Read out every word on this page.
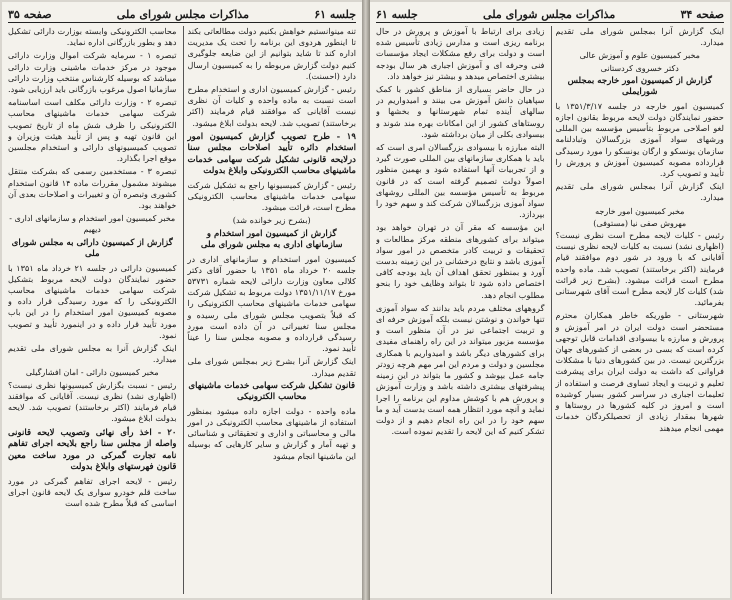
جلسه ۶۱
مذاکرات مجلس شورای ملی
صفحه ۳۵

تنه مینوانستیم خواهش بکنیم دولت مطالعاتی بکند تا اینطور هردوی این برنامه را تحت یک مدیریت اداره کند تا شاید بتوانیم از این ضایعه جلوگیری کنیم دولت گزارش مربوطه را به کمیسیون ارسال دارد (احسنت).

رئیس - گزارش کمیسیون اداری و استخدام مطرح است نسبت به ماده واحده و کلیات آن نظری نیست آقایانی که موافقند قیام فرمایند (اکثر برخاستند) تصویب شد. لایحه بدولت ابلاغ میشود.

۱۹ - طرح تصویب گزارش کمیسیون امور استخدام دائره تأیید اصلاحات مجلس سنا درلایحه قانونی تشکیل شرکت سهامی خدمات ماشینهای محاسب الکترونیکی وابلاغ بدولت

رئیس - گزارش کمیسیونها راجع به تشکیل شرکت سهامی خدمات ماشینهای محاسب الکترونیکی مطرح است، قرائت میشود.

(بشرح زیر خوانده شد)

گزارش از کمیسیون امور استخدام و سازمانهای اداری به مجلس شورای ملی

کمیسیون امور استخدام و سازمانهای اداری در جلسه ۲۰ خرداد ماه ۱۳۵۱ با حضور آقای دکتر کلالی معاون وزارت دارائی لایحه شماره ۵۳۷۳۱ مورخ ۱۳۵۱/۱۱/۱۷ دولت مربوط به تشکیل شرکت سهامی خدمات ماشینهای محاسب الکترونیکی را که قبلاً بتصویب مجلس شورای ملی رسیده و مجلس سنا تغییراتی در آن داده است مورد رسیدگی قرارداده و مصوبه مجلس سنا را عیناً تأیید نمود.

اینک گزارش آنرا بشرح زیر بمجلس شورای ملی تقدیم میدارد.

قانون تشکیل شرکت سهامی خدمات ماشینهای محاسب الکترونیکی

ماده واحده - دولت اجازه داده میشود بمنظور استفاده از ماشینهای محاسب الکترونیکی در امور مالی و محاسباتی و اداری و تحقیقاتی و شناسائی و تهیه آمار و گزارش و سایر کارهایی که بوسیله این ماشینها انجام میشود

محاسب الکترونیکی وابسته بوزارت دارائی تشکیل دهد و بطور بازرگانی اداره نماید.

تبصره ۱ - سرمایه شرکت اموال وزارت دارائی موجود در مرکز خدمات ماشینی وزارت دارائی میباشد که بوسیله کارشناس منتخب وزارت دارائی سازمانیا اصول مرغوب بازرگانی باید ارزیابی شود.

تبصره ۲ - وزارت دارائی مکلف است اساسنامه شرکت سهامی خدمات ماشینهای محاسب الکترونیکی را ظرف شش ماه از تاریخ تصویب این قانون تهیه و پس از تأیید هیئت وزیران و تصویب کمیسیونهای دارائی و استخدام مجلسین موقع اجرا بگذارد.

تبصره ۳ - مستخدمین رسمی که بشرکت منتقل میشوند مشمول مقررات ماده ۱۴ قانون استخدام کشوری وتبصره آن و تغییرات و اصلاحات بعدی آن خواهند بود.

مخبر کمیسیون امور استخدام و سازمانهای اداری - دیهیم

گزارش از کمیسیون دارائی به مجلس شورای ملی

کمیسیون دارائی در جلسه ۲۱ خرداد ماه ۱۳۵۱ با حضور نمایندگان دولت لایحه مربوط بتشکیل شرکت سهامی خدمات ماشینهای محاسب الکترونیکی را که مورد رسیدگی قرار داده و مصوبه کمیسیون امور استخدام را در این باب مورد تأیید قرار داده و در اینمورد تأیید و تصویب نمود.

اینک گزارش آنرا به مجلس شورای ملی تقدیم میدارد.

مخبر کمیسیون دارائی - امان افشارگیلی

رئیس - نسبت بگزارش کمیسیونها نظری نیست؟ (اظهاری نشد) نظری نیست. آقایانی که موافقند قیام فرمایند (اکثر برخاستند) تصویب شد. لایحه بدولت ابلاغ میشود.

۲۰ - اخذ رأی نهائی وتصویب لایحه قانونی واصله از مجلس سنا راجع بلایحه اجرای تفاهم نامه تجارت گمرکی در مورد ساخت معین قانون فهرستهای وابلاغ بدولت

رئیس - لایحه اجرای تفاهم گمرکی در مورد ساخت قلم خودرو سواری یک لایحه قانون اجرای اساسی که قبلاً مطرح شده است

صفحه ۳۴
مذاکرات مجلس شورای ملی
جلسه ۶۱

اینک گزارش آنرا بمجلس شورای ملی تقدیم میدارد.

مخبر کمیسیون علوم و آموزش عالی

دکتر خسروی کردستانی

گزارش از کمیسیون امور خارجه بمجلس شورایملی

کمیسیون امور خارجه در جلسه ۱۳۵۱/۳/۱۷ با حضور نمایندگان دولت لایحه مربوط بقانون اجازه لغو اصلاحی مربوط بتأسیس مؤسسه بین المللی ورشهای سواد آموزی بزرگسالان وتبادلنامه سازمان یونسکو و ارگان یونسکو را مورد رسیدگی قرارداده مصوبه کمیسیون آموزش و پرورش را تأیید و تصویب کرد.

اینک گزارش آنرا بمجلس شورای ملی تقدیم میدارد.

مخبر کمیسیون امور خارجه

مهروش صفی نیا (مستوفی)

رئیس - کلیات لایحه مطرح است نظری نیست؟ (اظهاری نشد) نسبت به کلیات لایحه نظری نیست آقایانی که با ورود در شور دوم موافقند قیام فرمایند (اکثر برخاستند) تصویب شد. ماده واحده مطرح است قرائت میشود. (بشرح زیر قرائت شد) کلیات کار لایحه مطرح است آقای شهرستانی بفرمائید.

شهرستانی - طوریکه خاطر همکاران محترم مستحضر است دولت ایران در امر آموزش و پرورش و مبارزه با بیسوادی اقدامات قابل توجهی کرده است که بسی در بعضی از کشورهای جهان بزرگترین نیست. در بین کشورهای دنیا با مشکلات فراوانی که داشت به دولت ایران برای پیشرفت تعلیم و تربیت و ایجاد تساوی فرصت و استفاده از تعلیمات اجباری در سراسر کشور بسیار کوشیده است و امروز در کلیه کشورها در روستاها و شهرها بمقدار زیادی از تحصیلکردگان خدمات مهمی انجام میدهند

زیادی برای ارتباط با آموزش و پرورش در حال برنامه ریزی است و مدارس زیادی تأسیس شده است و دولت برای رفع مشکلات ایجاد مؤسسات فنی وحرفه ای و آموزش اجباری هر سال بودجه بیشتری اختصاص میدهد و بیشتر نیز خواهد داد.

در حال حاضر بسیاری از مناطق کشور با کمک سپاهیان دانش آموزش می بینند و امیدواریم در سالهای آینده تمام شهرستانها و بخشها و روستاهای کشور از این امکانات بهره مند شوند و بیسوادی بکلی از میان برداشته شود.

البته مبارزه با بیسوادی بزرگسالان امری است که باید با همکاری سازمانهای بین المللی صورت گیرد و از تجربیات آنها استفاده شود و بهمین منظور اصولاً دولت تصمیم گرفته است که در قانون مربوط به تأسیس مؤسسه بین المللی روشهای سواد آموزی بزرگسالان شرکت کند و سهم خود را بپردازد.

این مؤسسه که مقر آن در تهران خواهد بود میتواند برای کشورهای منطقه مرکز مطالعات و تحقیقات و تربیت کادر متخصص در امور سواد آموزی باشد و نتایج درخشانی در این زمینه بدست آورد و بمنظور تحقق اهداف آن باید بودجه کافی اختصاص داده شود تا بتواند وظایف خود را بنحو مطلوب انجام دهد.

گروههای مختلف مردم باید بدانند که سواد آموزی تنها خواندن و نوشتن نیست بلکه آموزش حرفه ای و تربیت اجتماعی نیز در آن منظور است و مؤسسه مزبور میتواند در این راه راهنمای مفیدی برای کشورهای دیگر باشد و امیدواریم با همکاری مجلسین و دولت و مردم این امر مهم هرچه زودتر جامه عمل بپوشد و کشور ما بتواند در این زمینه پیشرفتهای بیشتری داشته باشد و وزارت آموزش و پرورش هم با کوشش مداوم این برنامه را اجرا نماید و آنچه مورد انتظار همه است بدست آید و ما سهم خود را در این راه انجام دهیم و از دولت تشکر کنیم که این لایحه را تقدیم نموده است.
